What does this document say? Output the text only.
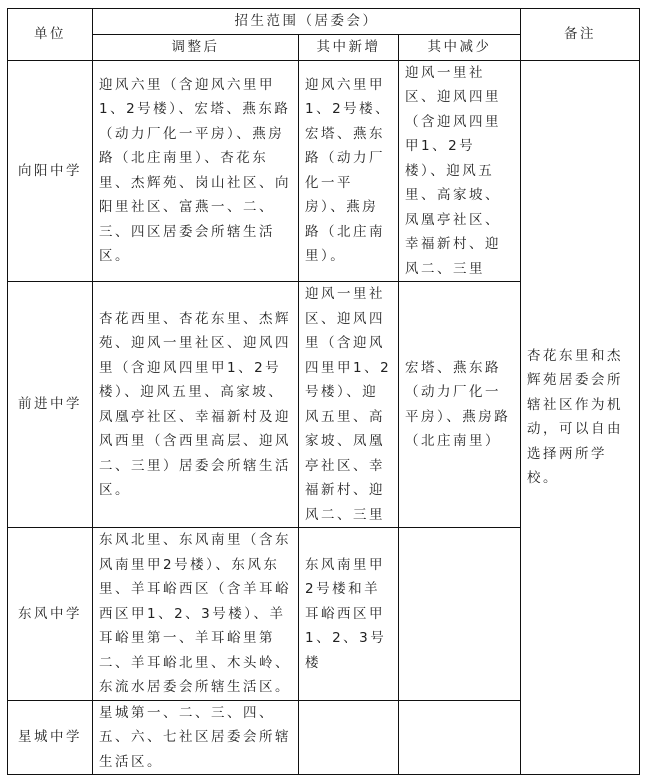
单位	招生范围（居委会）			备注
	调整后	其中新增	其中减少	
向阳中学	迎风六里（含迎风六里甲1、2号楼）、宏塔、燕东路（动力厂化一平房）、燕房路（北庄南里）、杏花东里、杰辉苑、岗山社区、向阳里社区、富燕一、二、三、四区居委会所辖生活区。	迎风六里甲1、2号楼、宏塔、燕东路（动力厂化一平房）、燕房路（北庄南里）。	迎风一里社区、迎风四里（含迎风四里甲1、2号楼）、迎风五里、高家坡、凤凰亭社区、幸福新村、迎风二、三里	杏花东里和杰辉苑居委会所辖社区作为机动，可以自由选择两所学校。
前进中学	杏花西里、杏花东里、杰辉苑、迎风一里社区、迎风四里（含迎风四里甲1、2号楼）、迎风五里、高家坡、凤凰亭社区、幸福新村及迎风西里（含西里高层、迎风二、三里）居委会所辖生活区。	迎风一里社区、迎风四里（含迎风四里甲1、2号楼）、迎风五里、高家坡、凤凰亭社区、幸福新村、迎风二、三里	宏塔、燕东路（动力厂化一平房）、燕房路（北庄南里）	
东风中学	东风北里、东风南里（含东风南里甲2号楼）、东风东里、羊耳峪西区（含羊耳峪西区甲1、2、3号楼）、羊耳峪里第一、羊耳峪里第二、羊耳峪北里、木头岭、东流水居委会所辖生活区。	东风南里甲2号楼和羊耳峪西区甲1、2、3号楼		
星城中学	星城第一、二、三、四、五、六、七社区居委会所辖生活区。			
